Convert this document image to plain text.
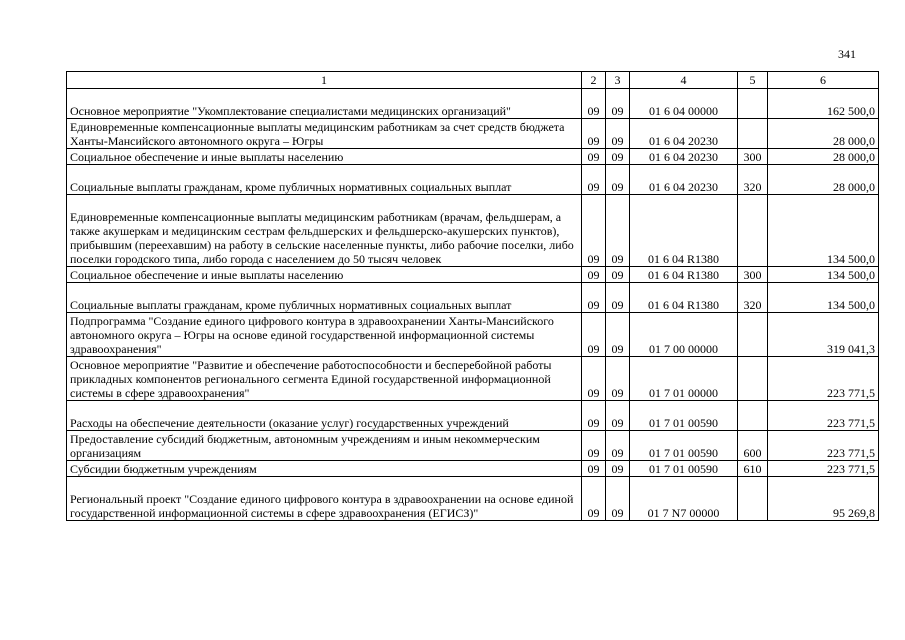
341
1	2	3	4	5	6
Основное мероприятие "Укомплектование специалистами медицинских организаций"	09	09	01 6 04 00000		162 500,0
Единовременные компенсационные выплаты медицинским работникам за счет средств бюджета Ханты-Мансийского автономного округа – Югры	09	09	01 6 04 20230		28 000,0
Социальное обеспечение и иные выплаты населению	09	09	01 6 04 20230	300	28 000,0
Социальные выплаты гражданам, кроме публичных нормативных социальных выплат	09	09	01 6 04 20230	320	28 000,0
Единовременные компенсационные выплаты медицинским работникам (врачам, фельдшерам, а также акушеркам и медицинским сестрам фельдшерских и фельдшерско-акушерских пунктов), прибывшим (переехавшим) на работу в сельские населенные пункты, либо рабочие поселки, либо поселки городского типа, либо города с населением до 50 тысяч человек	09	09	01 6 04 R1380		134 500,0
Социальное обеспечение и иные выплаты населению	09	09	01 6 04 R1380	300	134 500,0
Социальные выплаты гражданам, кроме публичных нормативных социальных выплат	09	09	01 6 04 R1380	320	134 500,0
Подпрограмма "Создание единого цифрового контура в здравоохранении Ханты-Мансийского автономного округа – Югры на основе единой государственной информационной системы здравоохранения"	09	09	01 7 00 00000		319 041,3
Основное мероприятие "Развитие и обеспечение работоспособности и бесперебойной работы прикладных компонентов регионального сегмента Единой государственной информационной системы в сфере здравоохранения"	09	09	01 7 01 00000		223 771,5
Расходы на обеспечение деятельности (оказание услуг) государственных учреждений	09	09	01 7 01 00590		223 771,5
Предоставление субсидий бюджетным, автономным учреждениям и иным некоммерческим организациям	09	09	01 7 01 00590	600	223 771,5
Субсидии бюджетным учреждениям	09	09	01 7 01 00590	610	223 771,5
Региональный проект "Создание единого цифрового контура в здравоохранении на основе единой государственной информационной системы в сфере здравоохранения (ЕГИСЗ)"	09	09	01 7 N7 00000		95 269,8
